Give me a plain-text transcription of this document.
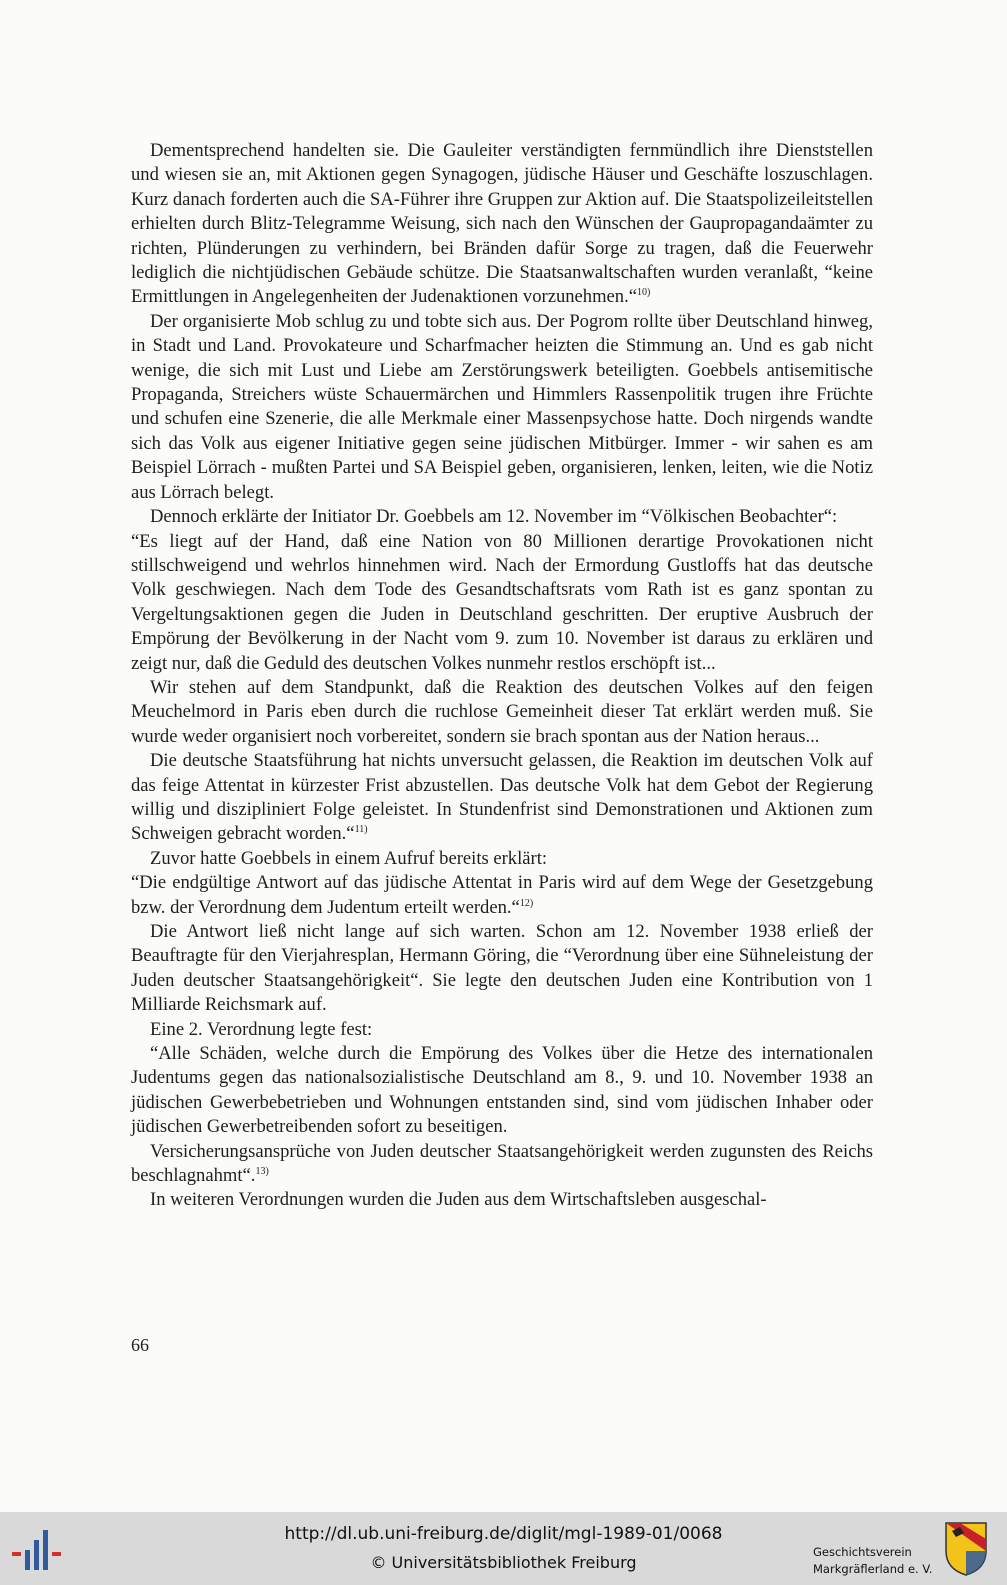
Dementsprechend handelten sie. Die Gauleiter verständigten fernmündlich ihre Dienststellen und wiesen sie an, mit Aktionen gegen Synagogen, jüdische Häuser und Geschäfte loszuschlagen. Kurz danach forderten auch die SA-Führer ihre Gruppen zur Aktion auf. Die Staatspolizeileitstellen erhielten durch Blitz-Telegramme Weisung, sich nach den Wünschen der Gaupropagandaämter zu richten, Plünderungen zu verhindern, bei Bränden dafür Sorge zu tragen, daß die Feuerwehr lediglich die nichtjüdischen Gebäude schütze. Die Staatsanwaltschaften wurden veranlaßt, “keine Ermittlungen in Angelegenheiten der Judenaktionen vorzunehmen.“$^{10)}$

Der organisierte Mob schlug zu und tobte sich aus. Der Pogrom rollte über Deutschland hinweg, in Stadt und Land. Provokateure und Scharfmacher heizten die Stimmung an. Und es gab nicht wenige, die sich mit Lust und Liebe am Zerstörungswerk beteiligten. Goebbels antisemitische Propaganda, Streichers wüste Schauermärchen und Himmlers Rassenpolitik trugen ihre Früchte und schufen eine Szenerie, die alle Merkmale einer Massenpsychose hatte. Doch nirgends wandte sich das Volk aus eigener Initiative gegen seine jüdischen Mitbürger. Immer - wir sahen es am Beispiel Lörrach - mußten Partei und SA Beispiel geben, organisieren, lenken, leiten, wie die Notiz aus Lörrach belegt.

Dennoch erklärte der Initiator Dr. Goebbels am 12. November im “Völkischen Beobachter“:

“Es liegt auf der Hand, daß eine Nation von 80 Millionen derartige Provokationen nicht stillschweigend und wehrlos hinnehmen wird. Nach der Ermordung Gustloffs hat das deutsche Volk geschwiegen. Nach dem Tode des Gesandtschaftsrats vom Rath ist es ganz spontan zu Vergeltungsaktionen gegen die Juden in Deutschland geschritten. Der eruptive Ausbruch der Empörung der Bevölkerung in der Nacht vom 9. zum 10. November ist daraus zu erklären und zeigt nur, daß die Geduld des deutschen Volkes nunmehr restlos erschöpft ist...

Wir stehen auf dem Standpunkt, daß die Reaktion des deutschen Volkes auf den feigen Meuchelmord in Paris eben durch die ruchlose Gemeinheit dieser Tat erklärt werden muß. Sie wurde weder organisiert noch vorbereitet, sondern sie brach spontan aus der Nation heraus...

Die deutsche Staatsführung hat nichts unversucht gelassen, die Reaktion im deutschen Volk auf das feige Attentat in kürzester Frist abzustellen. Das deutsche Volk hat dem Gebot der Regierung willig und diszipliniert Folge geleistet. In Stundenfrist sind Demonstrationen und Aktionen zum Schweigen gebracht worden.“$^{11)}$

Zuvor hatte Goebbels in einem Aufruf bereits erklärt:

“Die endgültige Antwort auf das jüdische Attentat in Paris wird auf dem Wege der Gesetzgebung bzw. der Verordnung dem Judentum erteilt werden.“$^{12)}$

Die Antwort ließ nicht lange auf sich warten. Schon am 12. November 1938 erließ der Beauftragte für den Vierjahresplan, Hermann Göring, die “Verordnung über eine Sühneleistung der Juden deutscher Staatsangehörigkeit“. Sie legte den deutschen Juden eine Kontribution von 1 Milliarde Reichsmark auf.

Eine 2. Verordnung legte fest:

“Alle Schäden, welche durch die Empörung des Volkes über die Hetze des internationalen Judentums gegen das nationalsozialistische Deutschland am 8., 9. und 10. November 1938 an jüdischen Gewerbebetrieben und Wohnungen entstanden sind, sind vom jüdischen Inhaber oder jüdischen Gewerbetreibenden sofort zu beseitigen.

Versicherungsansprüche von Juden deutscher Staatsangehörigkeit werden zugunsten des Reichs beschlagnahmt“.$^{13)}$

In weiteren Verordnungen wurden die Juden aus dem Wirtschaftsleben ausgeschal-

66
http://dl.ub.uni-freiburg.de/diglit/mgl-1989-01/0068
© Universitätsbibliothek Freiburg
Geschichtsverein
Markgräflerland e. V.
